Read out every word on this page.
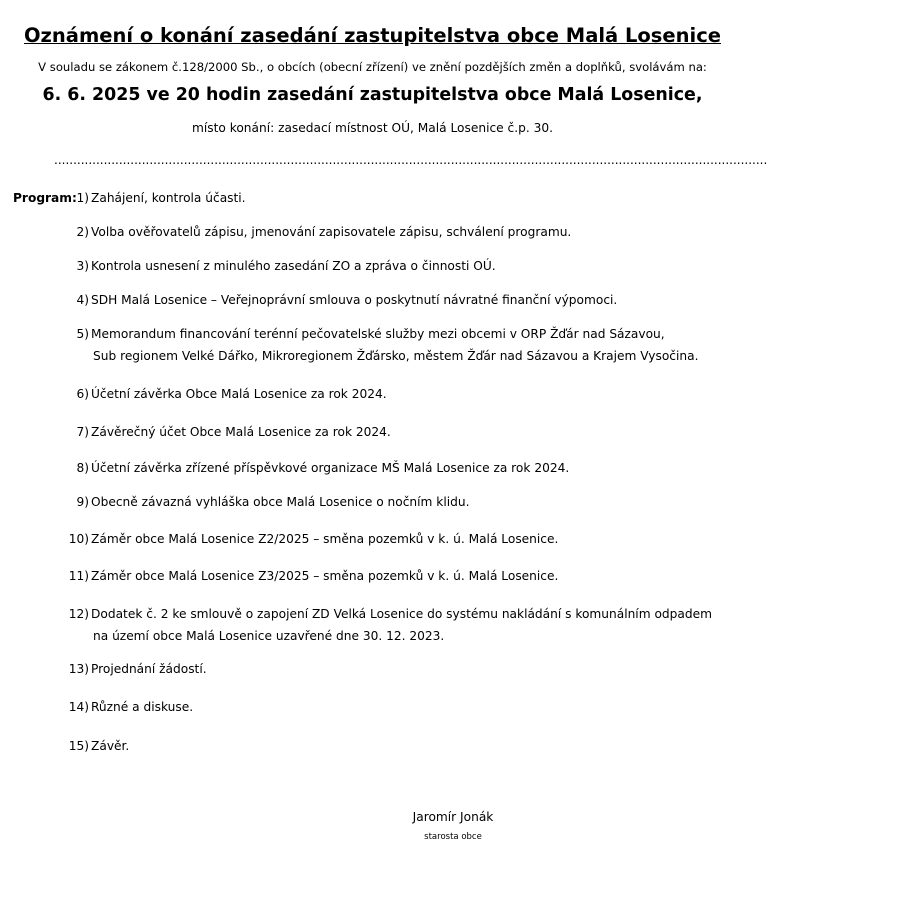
Oznámení o konání zasedání zastupitelstva obce Malá Losenice
V souladu se zákonem č.128/2000 Sb., o obcích (obecní zřízení) ve znění pozdějších změn a doplňků, svolávám na:
6. 6. 2025 ve 20 hodin zasedání zastupitelstva obce Malá Losenice,
místo konání: zasedací místnost OÚ, Malá Losenice č.p. 30.
...........................................................................................................................................................................................
Program: 1) Zahájení, kontrola účasti.
2) Volba ověřovatelů zápisu, jmenování zapisovatele zápisu, schválení programu.
3) Kontrola usnesení z minulého zasedání ZO a zpráva o činnosti OÚ.
4) SDH Malá Losenice – Veřejnoprávní smlouva o poskytnutí návratné finanční výpomoci.
5) Memorandum financování terénní pečovatelské služby mezi obcemi v ORP Žďár nad Sázavou,
Sub regionem Velké Dářko, Mikroregionem Žďársko, městem Žďár nad Sázavou a Krajem Vysočina.
6) Účetní závěrka Obce Malá Losenice za rok 2024.
7) Závěrečný účet Obce Malá Losenice za rok 2024.
8) Účetní závěrka zřízené příspěvkové organizace MŠ Malá Losenice za rok 2024.
9) Obecně závazná vyhláška obce Malá Losenice o nočním klidu.
10) Záměr obce Malá Losenice Z2/2025 – směna pozemků v k. ú. Malá Losenice.
11) Záměr obce Malá Losenice Z3/2025 – směna pozemků v k. ú. Malá Losenice.
12) Dodatek č. 2 ke smlouvě o zapojení ZD Velká Losenice do systému nakládání s komunálním odpadem
na území obce Malá Losenice uzavřené dne 30. 12. 2023.
13) Projednání žádostí.
14) Různé a diskuse.
15) Závěr.
Jaromír Jonák
starosta obce
